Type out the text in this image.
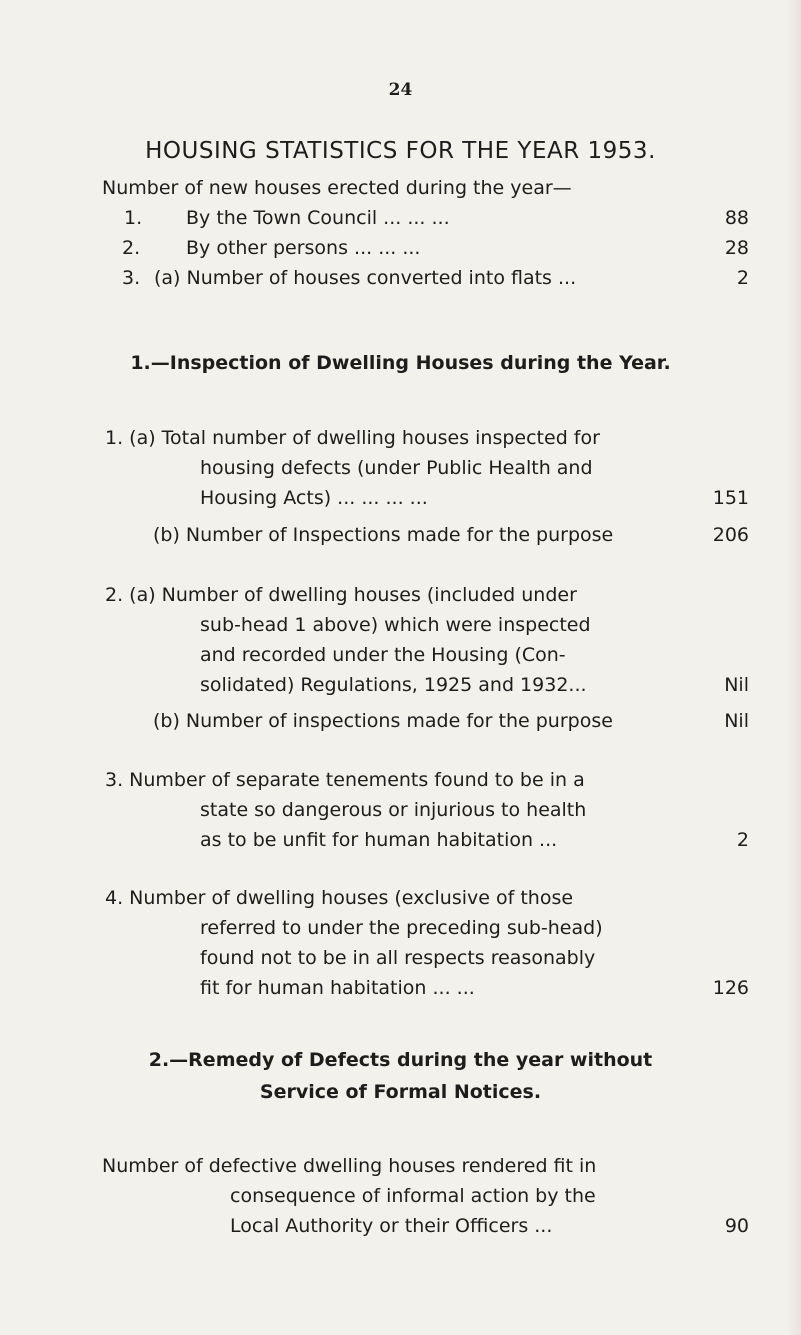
24
HOUSING STATISTICS FOR THE YEAR 1953.
Number of new houses erected during the year—
1. By the Town Council ... ... ...	88
2. By other persons ... ... ...	28
3. (a) Number of houses converted into flats ...	2
1.—Inspection of Dwelling Houses during the Year.
1. (a) Total number of dwelling houses inspected for
housing defects (under Public Health and
Housing Acts) ... ... ... ...	151
(b) Number of Inspections made for the purpose	206
2. (a) Number of dwelling houses (included under
sub-head 1 above) which were inspected
and recorded under the Housing (Con-
solidated) Regulations, 1925 and 1932...	Nil
(b) Number of inspections made for the purpose	Nil
3. Number of separate tenements found to be in a
state so dangerous or injurious to health
as to be unfit for human habitation ...	2
4. Number of dwelling houses (exclusive of those
referred to under the preceding sub-head)
found not to be in all respects reasonably
fit for human habitation ... ...	126
2.—Remedy of Defects during the year without
Service of Formal Notices.
Number of defective dwelling houses rendered fit in
consequence of informal action by the
Local Authority or their Officers ...	90
